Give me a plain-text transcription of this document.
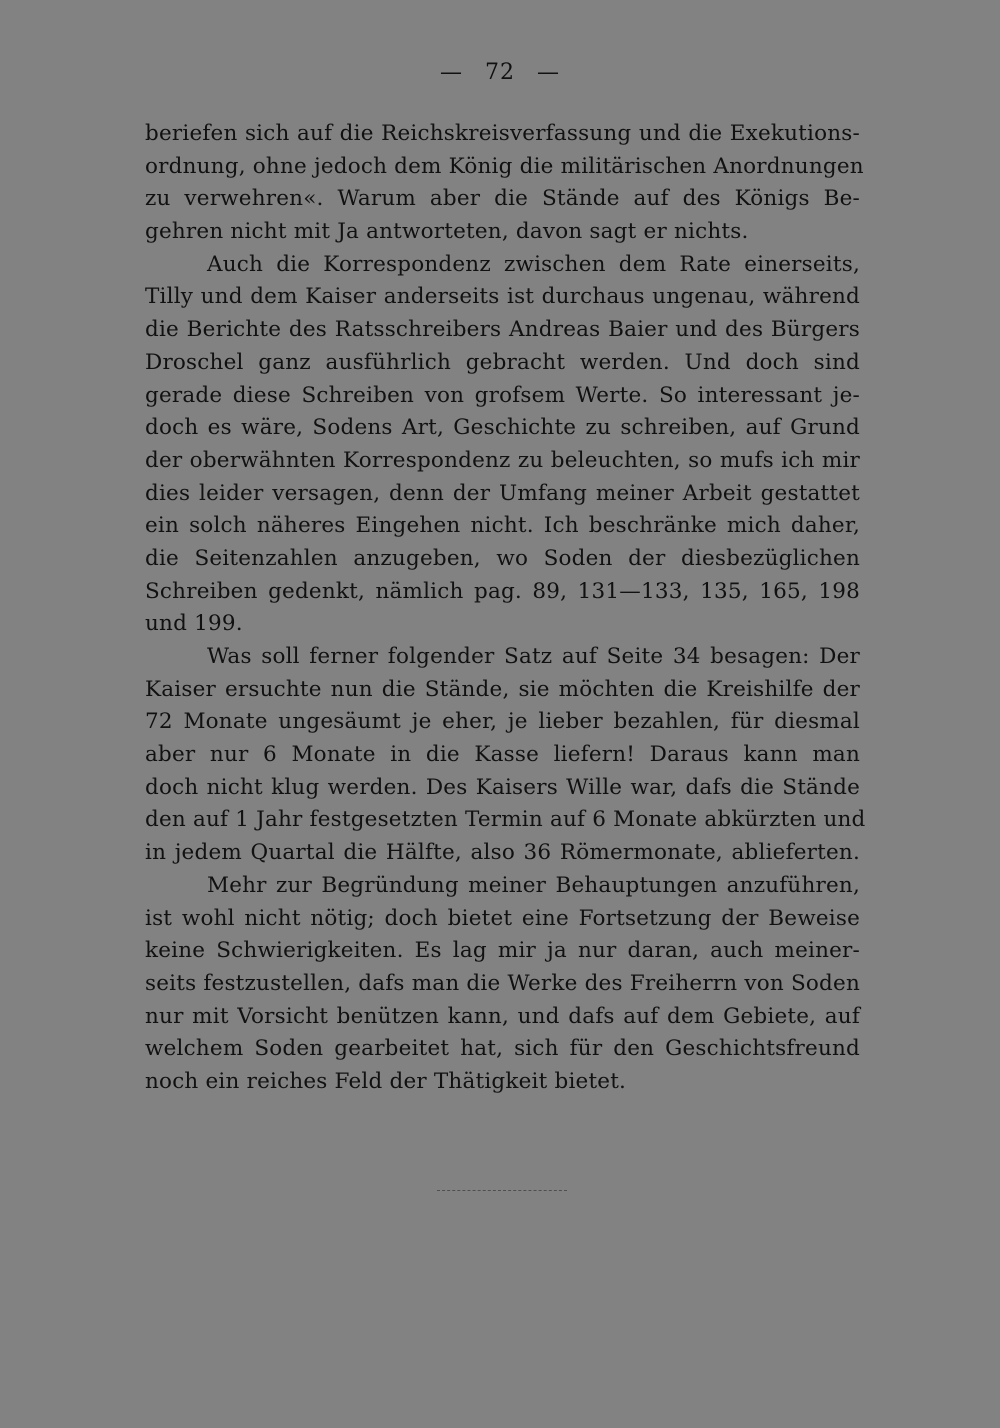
— 72 —
beriefen sich auf die Reichskreisverfassung und die Exekutions-
ordnung, ohne jedoch dem König die militärischen Anordnungen
zu verwehren«. Warum aber die Stände auf des Königs Be-
gehren nicht mit Ja antworteten, davon sagt er nichts.
Auch die Korrespondenz zwischen dem Rate einerseits,
Tilly und dem Kaiser anderseits ist durchaus ungenau, während
die Berichte des Ratsschreibers Andreas Baier und des Bürgers
Droschel ganz ausführlich gebracht werden. Und doch sind
gerade diese Schreiben von grofsem Werte. So interessant je-
doch es wäre, Sodens Art, Geschichte zu schreiben, auf Grund
der oberwähnten Korrespondenz zu beleuchten, so mufs ich mir
dies leider versagen, denn der Umfang meiner Arbeit gestattet
ein solch näheres Eingehen nicht. Ich beschränke mich daher,
die Seitenzahlen anzugeben, wo Soden der diesbezüglichen
Schreiben gedenkt, nämlich pag. 89, 131—133, 135, 165, 198
und 199.
Was soll ferner folgender Satz auf Seite 34 besagen: Der
Kaiser ersuchte nun die Stände, sie möchten die Kreishilfe der
72 Monate ungesäumt je eher, je lieber bezahlen, für diesmal
aber nur 6 Monate in die Kasse liefern! Daraus kann man
doch nicht klug werden. Des Kaisers Wille war, dafs die Stände
den auf 1 Jahr festgesetzten Termin auf 6 Monate abkürzten und
in jedem Quartal die Hälfte, also 36 Römermonate, ablieferten.
Mehr zur Begründung meiner Behauptungen anzuführen,
ist wohl nicht nötig; doch bietet eine Fortsetzung der Beweise
keine Schwierigkeiten. Es lag mir ja nur daran, auch meiner-
seits festzustellen, dafs man die Werke des Freiherrn von Soden
nur mit Vorsicht benützen kann, und dafs auf dem Gebiete, auf
welchem Soden gearbeitet hat, sich für den Geschichtsfreund
noch ein reiches Feld der Thätigkeit bietet.
